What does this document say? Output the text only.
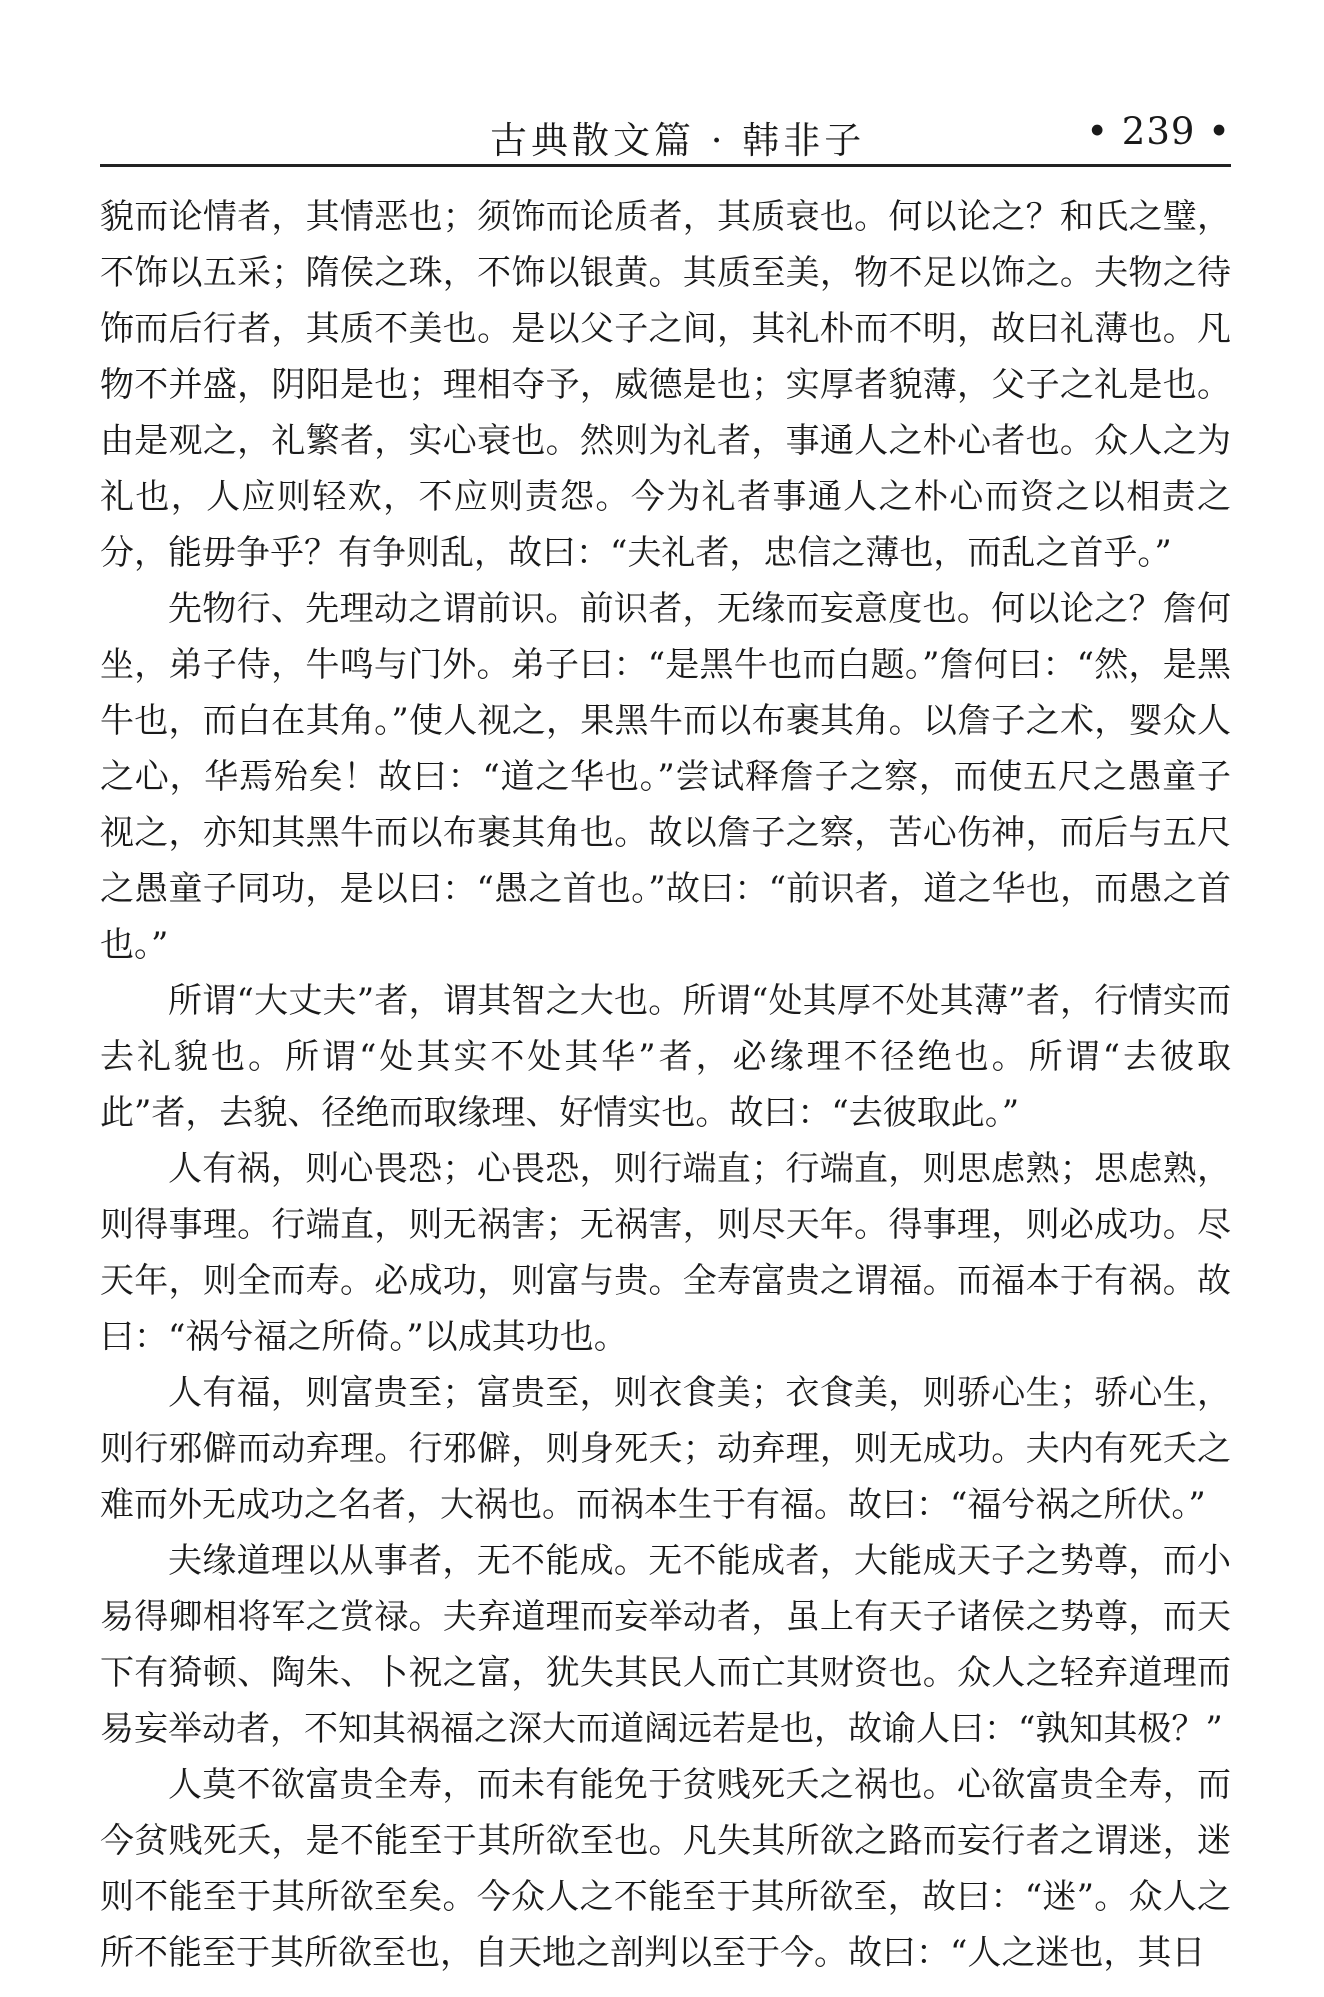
古典散文篇 · 韩非子	• 239 •

貌而论情者，其情恶也；须饰而论质者，其质衰也。何以论之？和氏之璧，不饰以五采；隋侯之珠，不饰以银黄。其质至美，物不足以饰之。夫物之待饰而后行者，其质不美也。是以父子之间，其礼朴而不明，故曰礼薄也。凡物不并盛，阴阳是也；理相夺予，威德是也；实厚者貌薄，父子之礼是也。由是观之，礼繁者，实心衰也。然则为礼者，事通人之朴心者也。众人之为礼也，人应则轻欢，不应则责怨。今为礼者事通人之朴心而资之以相责之分，能毋争乎？有争则乱，故曰：“夫礼者，忠信之薄也，而乱之首乎。”

先物行、先理动之谓前识。前识者，无缘而妄意度也。何以论之？詹何坐，弟子侍，牛鸣与门外。弟子曰：“是黑牛也而白题。”詹何曰：“然，是黑牛也，而白在其角。”使人视之，果黑牛而以布裹其角。以詹子之术，婴众人之心，华焉殆矣！故曰：“道之华也。”尝试释詹子之察，而使五尺之愚童子视之，亦知其黑牛而以布裹其角也。故以詹子之察，苦心伤神，而后与五尺之愚童子同功，是以曰：“愚之首也。”故曰：“前识者，道之华也，而愚之首也。”

所谓“大丈夫”者，谓其智之大也。所谓“处其厚不处其薄”者，行情实而去礼貌也。所谓“处其实不处其华”者，必缘理不径绝也。所谓“去彼取此”者，去貌、径绝而取缘理、好情实也。故曰：“去彼取此。”

人有祸，则心畏恐；心畏恐，则行端直；行端直，则思虑熟；思虑熟，则得事理。行端直，则无祸害；无祸害，则尽天年。得事理，则必成功。尽天年，则全而寿。必成功，则富与贵。全寿富贵之谓福。而福本于有祸。故曰：“祸兮福之所倚。”以成其功也。

人有福，则富贵至；富贵至，则衣食美；衣食美，则骄心生；骄心生，则行邪僻而动弃理。行邪僻，则身死夭；动弃理，则无成功。夫内有死夭之难而外无成功之名者，大祸也。而祸本生于有福。故曰：“福兮祸之所伏。”

夫缘道理以从事者，无不能成。无不能成者，大能成天子之势尊，而小易得卿相将军之赏禄。夫弃道理而妄举动者，虽上有天子诸侯之势尊，而天下有猗顿、陶朱、卜祝之富，犹失其民人而亡其财资也。众人之轻弃道理而易妄举动者，不知其祸福之深大而道阔远若是也，故谕人曰：“孰知其极？”

人莫不欲富贵全寿，而未有能免于贫贱死夭之祸也。心欲富贵全寿，而今贫贱死夭，是不能至于其所欲至也。凡失其所欲之路而妄行者之谓迷，迷则不能至于其所欲至矣。今众人之不能至于其所欲至，故曰：“迷”。众人之所不能至于其所欲至也，自天地之剖判以至于今。故曰：“人之迷也，其日
